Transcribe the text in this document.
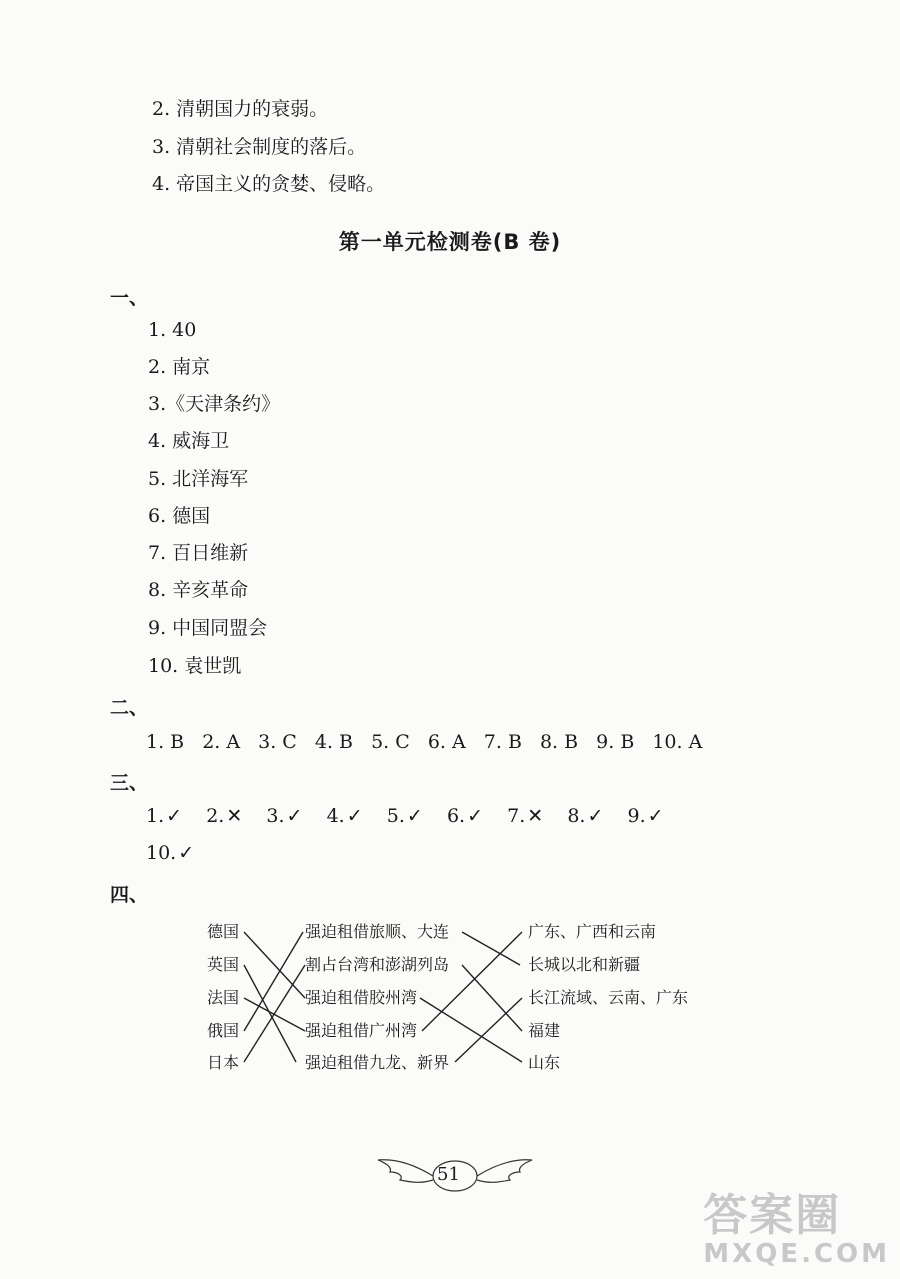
2. 清朝国力的衰弱。
3. 清朝社会制度的落后。
4. 帝国主义的贪婪、侵略。
第一单元检测卷(B 卷)
一、
1. 40
2. 南京
3.《天津条约》
4. 威海卫
5. 北洋海军
6. 德国
7. 百日维新
8. 辛亥革命
9. 中国同盟会
10. 袁世凯
二、
1. B 2. A 3. C 4. B 5. C 6. A 7. B 8. B 9. B 10. A
三、
1. ✓ 2. ✕ 3. ✓ 4. ✓ 5. ✓ 6. ✓ 7. ✕ 8. ✓ 9. ✓
10. ✓
四、
德国
英国
法国
俄国
日本
强迫租借旅顺、大连
割占台湾和澎湖列岛
强迫租借胶州湾
强迫租借广州湾
强迫租借九龙、新界
广东、广西和云南
长城以北和新疆
长江流域、云南、广东
福建
山东
51
答案圈
MXQE.COM
